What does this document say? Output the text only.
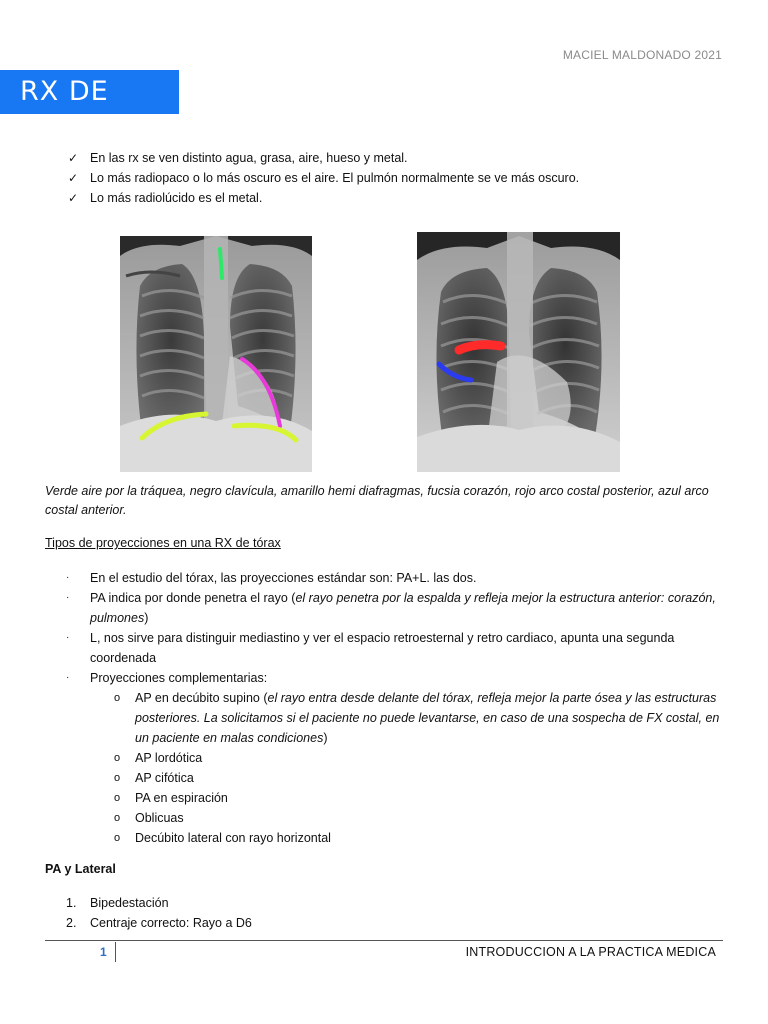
MACIEL MALDONADO 2021
RX DE TORAX
✓ En las rx se ven distinto agua, grasa, aire, hueso y metal.
✓ Lo más radiopaco o lo más oscuro es el aire. El pulmón normalmente se ve más oscuro.
✓ Lo más radiolúcido es el metal.
Verde aire por la tráquea, negro clavícula, amarillo hemi diafragmas, fucsia corazón, rojo arco costal posterior, azul arco costal anterior.
Tipos de proyecciones en una RX de tórax
·	En el estudio del tórax, las proyecciones estándar son: PA+L. las dos.
·	PA indica por donde penetra el rayo (el rayo penetra por la espalda y refleja mejor la estructura anterior: corazón, pulmones)
·	L, nos sirve para distinguir mediastino y ver el espacio retroesternal y retro cardiaco, apunta una segunda coordenada
·	Proyecciones complementarias:
o	AP en decúbito supino (el rayo entra desde delante del tórax, refleja mejor la parte ósea y las estructuras posteriores. La solicitamos si el paciente no puede levantarse, en caso de una sospecha de FX costal, en un paciente en malas condiciones)
o	AP lordótica
o	AP cifótica
o	PA en espiración
o	Oblicuas
o	Decúbito lateral con rayo horizontal
PA y Lateral
1.	Bipedestación
2.	Centraje correcto: Rayo a D6
1	INTRODUCCION A LA PRACTICA MEDICA
